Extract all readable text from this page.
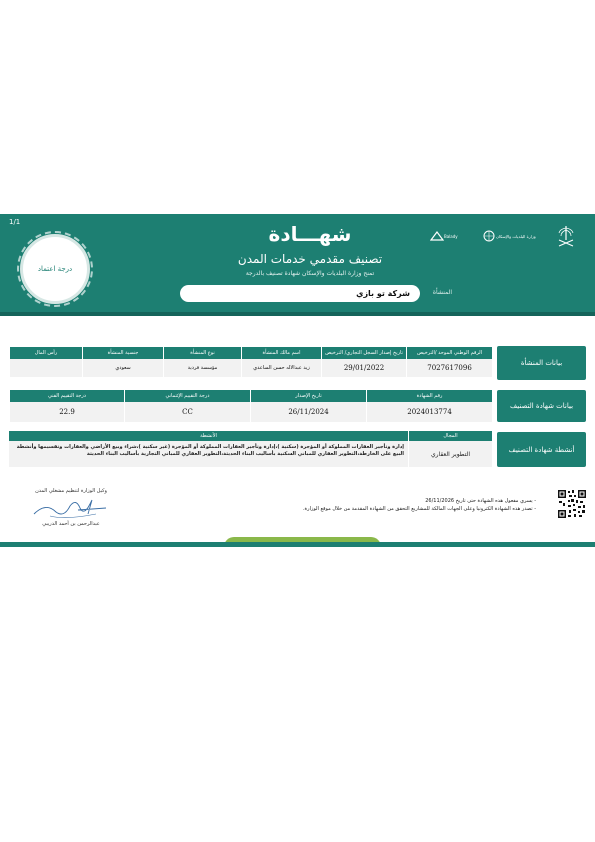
1/1
درجة اعتماد
شهـــادة
تصنيف مقدمي خدمات المدن
تمنح وزارة البلديات والإسكان شهادة تصنيف بالدرجة
المنشأة
شركة تو بازي
Balady	وزارة البلديات والإسكان
بيانات المنشأة
الرقم الوطني الموحد /الترخيص
7027617096
تاريخ إصدار السجل التجاري/ الترخيص
29/01/2022
اسم مالك المنشأة
زيد عبدالاله حسن الساعدي
نوع المنشأة
مؤسسة فردية
جنسية المنشأة
سعودي
رأس المال
بيانات شهادة التصنيف
رقم الشهادة
2024013774
تاريخ الإصدار
26/11/2024
درجة التقييم الإئتماني
CC
درجة التقييم الفني
22.9
أنشطة شهادة التصنيف
المجال
الأنشطة
التطوير العقاري
إدارة وتأجير العقارات المملوكة أو المؤجرة (سكنية )،إدارة وتأجير العقارات المملوكة أو المؤجرة (غير سكنية )،شراء وبيع الأراضي والعقارات وتقسيمها وأنشطة البيع على الخارطة،التطوير العقاري للمباني السكنية بأساليب البناء الحديثة،التطوير العقاري للمباني التجارية بأساليب البناء الحديثة
- يسري مفعول هذه الشهادة حتى تاريخ 26/11/2026
- تصدر هذه الشهادة الكترونيا وعلى الجهات المالكة للمشاريع التحقق من الشهادة المقدمة من خلال موقع الوزارة.
وكيل الوزارة لتنظيم مشغلي المدن
عبدالرحمن بن أحمد الدريبي
